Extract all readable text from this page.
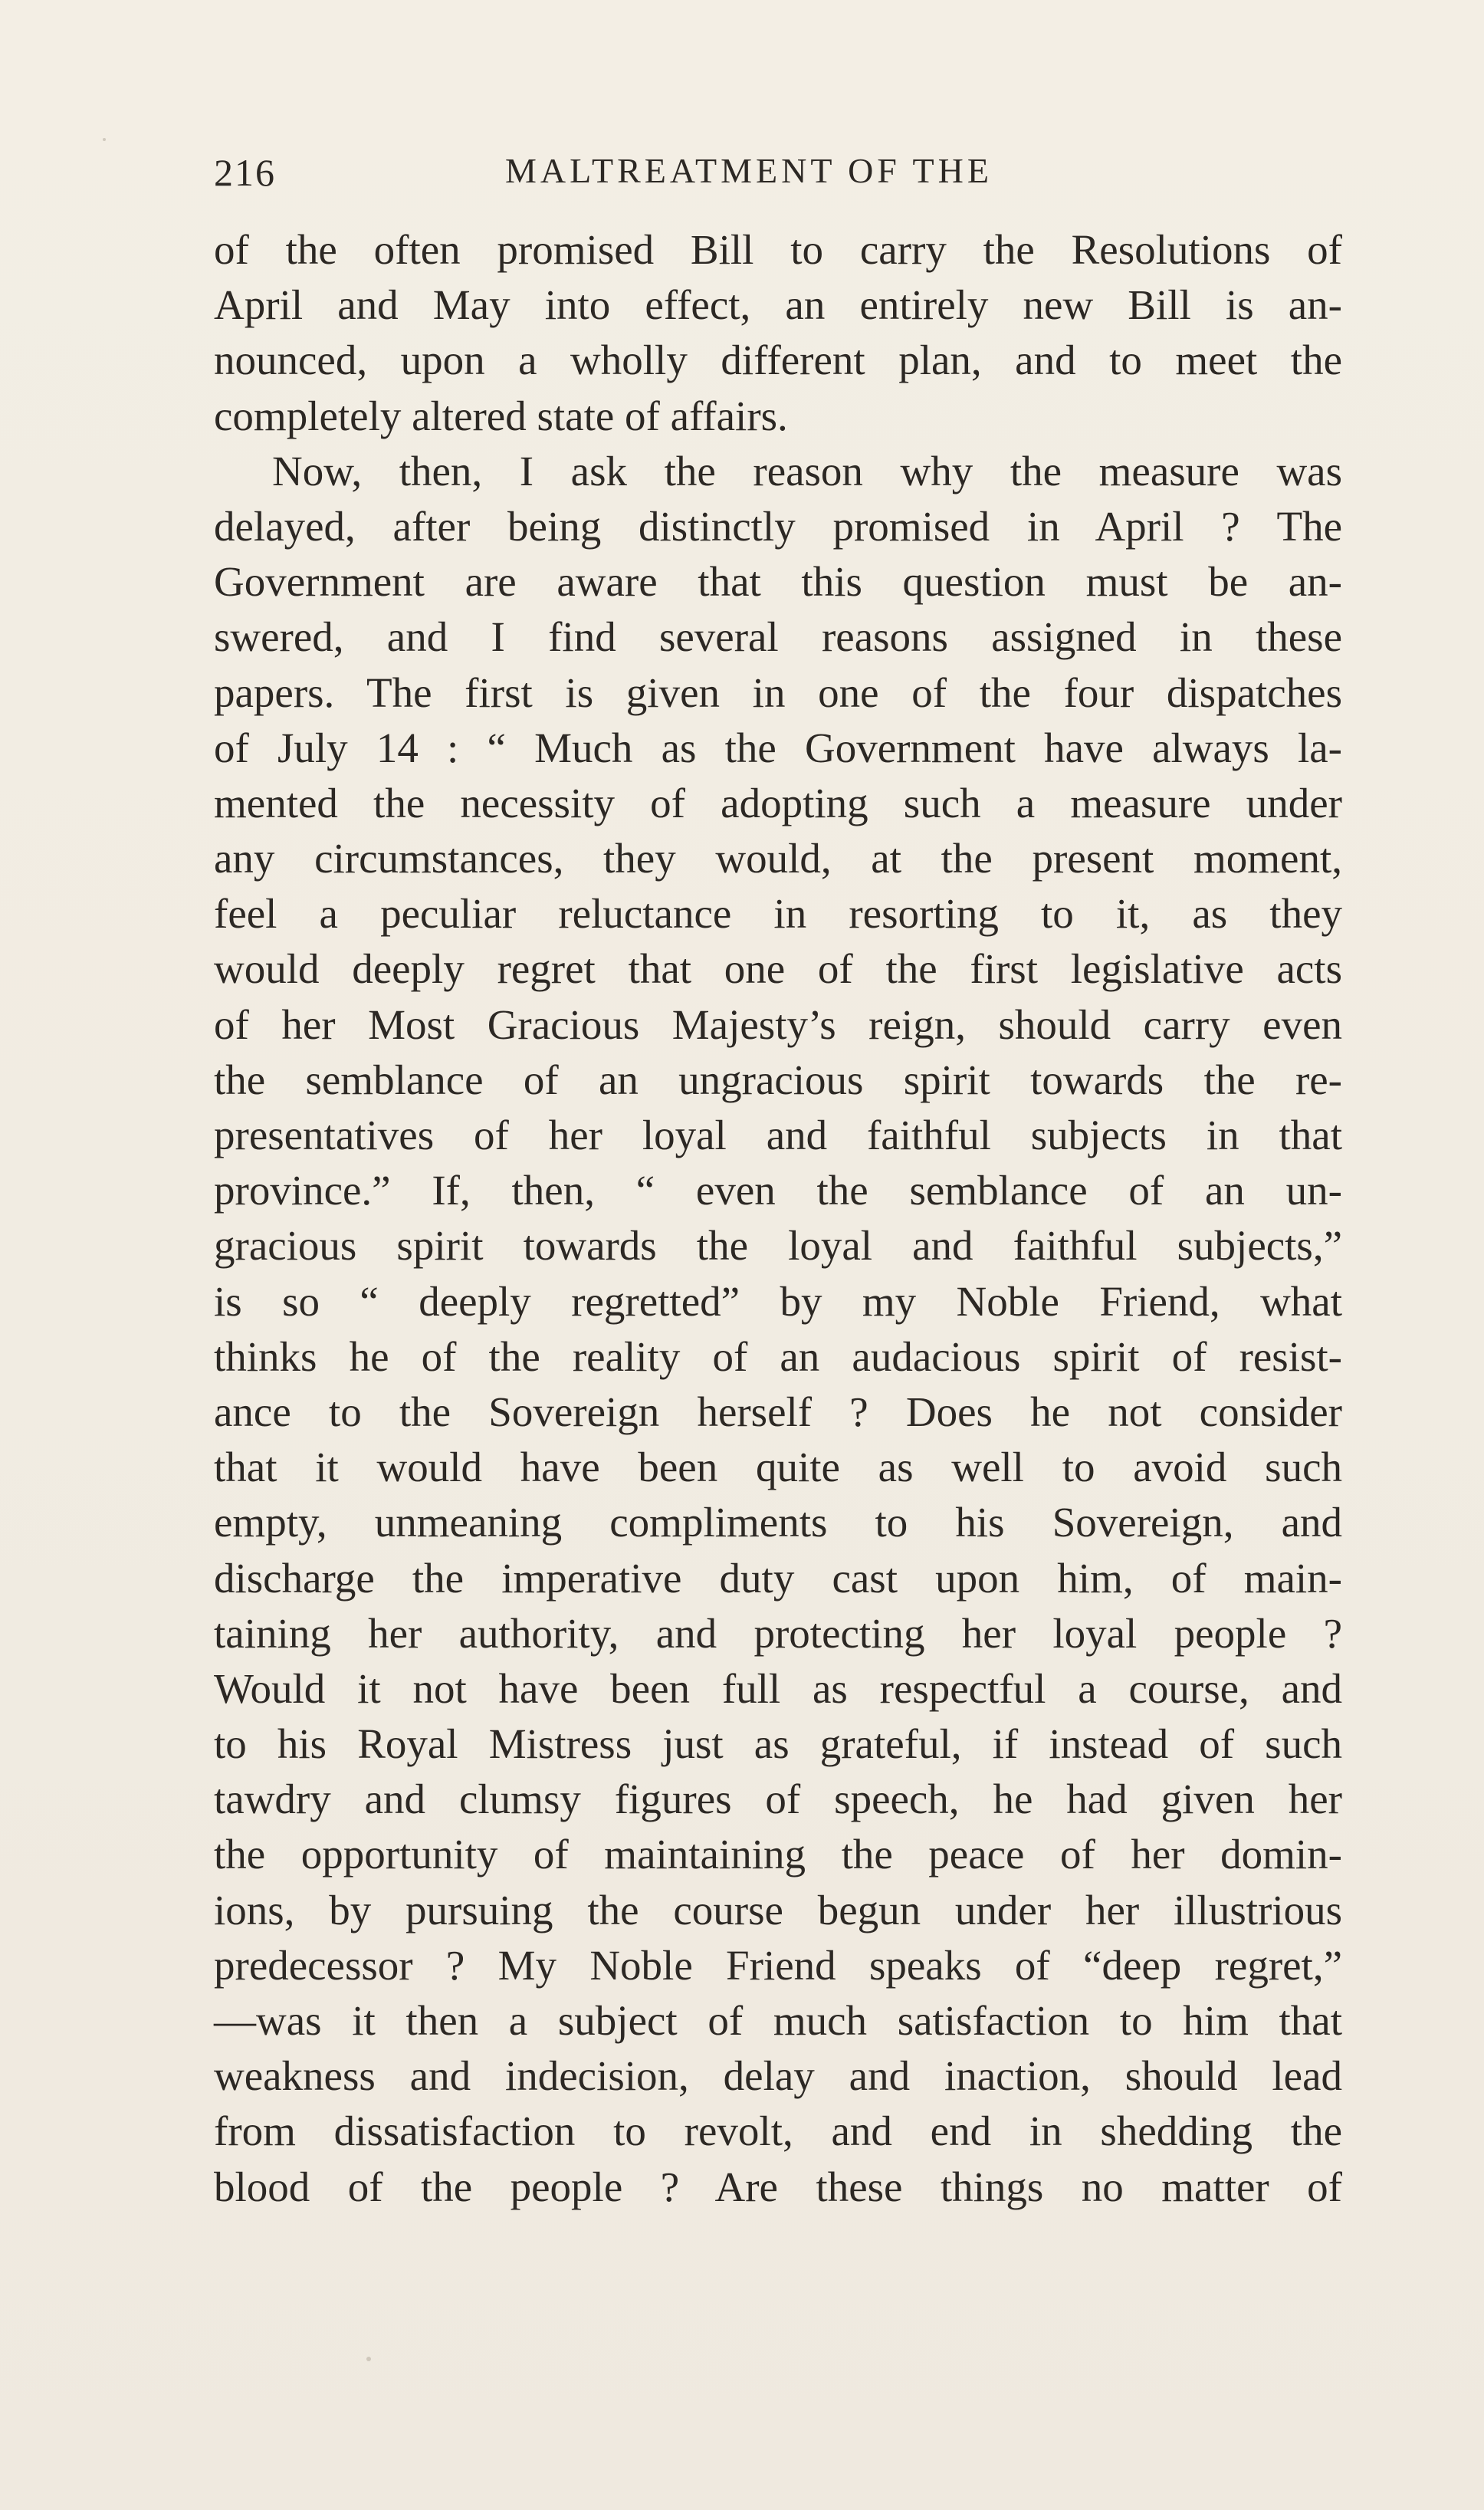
216	MALTREATMENT OF THE
of the often promised Bill to carry the Resolutions of
April and May into effect, an entirely new Bill is an-
nounced, upon a wholly different plan, and to meet the
completely altered state of affairs.
Now, then, I ask the reason why the measure was
delayed, after being distinctly promised in April ? The
Government are aware that this question must be an-
swered, and I find several reasons assigned in these
papers. The first is given in one of the four dispatches
of July 14 : “ Much as the Government have always la-
mented the necessity of adopting such a measure under
any circumstances, they would, at the present moment,
feel a peculiar reluctance in resorting to it, as they
would deeply regret that one of the first legislative acts
of her Most Gracious Majesty’s reign, should carry even
the semblance of an ungracious spirit towards the re-
presentatives of her loyal and faithful subjects in that
province.” If, then, “ even the semblance of an un-
gracious spirit towards the loyal and faithful subjects,”
is so “ deeply regretted” by my Noble Friend, what
thinks he of the reality of an audacious spirit of resist-
ance to the Sovereign herself ? Does he not consider
that it would have been quite as well to avoid such
empty, unmeaning compliments to his Sovereign, and
discharge the imperative duty cast upon him, of main-
taining her authority, and protecting her loyal people ?
Would it not have been full as respectful a course, and
to his Royal Mistress just as grateful, if instead of such
tawdry and clumsy figures of speech, he had given her
the opportunity of maintaining the peace of her domin-
ions, by pursuing the course begun under her illustrious
predecessor ? My Noble Friend speaks of “deep regret,”
—was it then a subject of much satisfaction to him that
weakness and indecision, delay and inaction, should lead
from dissatisfaction to revolt, and end in shedding the
blood of the people ? Are these things no matter of
